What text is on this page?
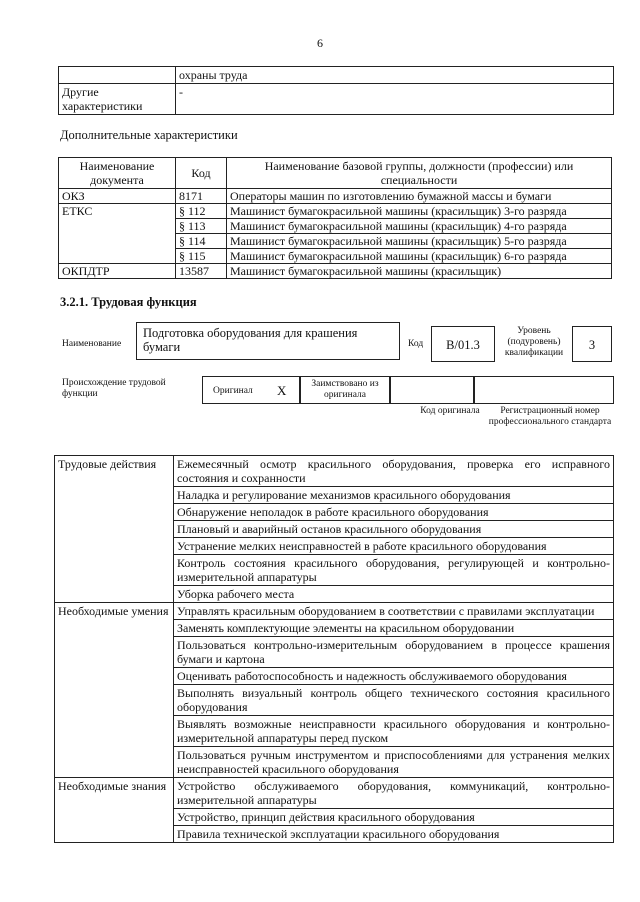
6
	охраны труда
Другие характеристики	-
Дополнительные характеристики
Наименование документа	Код	Наименование базовой группы, должности (профессии) или специальности
ОКЗ	8171	Операторы машин по изготовлению бумажной массы и бумаги
ЕТКС	§ 112	Машинист бумагокрасильной машины (красильщик) 3-го разряда
	§ 113	Машинист бумагокрасильной машины (красильщик) 4-го разряда
	§ 114	Машинист бумагокрасильной машины (красильщик) 5-го разряда
	§ 115	Машинист бумагокрасильной машины (красильщик) 6-го разряда
ОКПДТР	13587	Машинист бумагокрасильной машины (красильщик)
3.2.1. Трудовая функция
Наименование
Подготовка оборудования для крашения бумаги	Код	B/01.3
Уровень (подуровень) квалификации
3
Происхождение трудовой функции	Оригинал X	Заимствовано из оригинала
Код оригинала	Регистрационный номер профессионального стандарта
Трудовые действия	Ежемесячный осмотр красильного оборудования, проверка его исправного состояния и сохранности
	Наладка и регулирование механизмов красильного оборудования
	Обнаружение неполадок в работе красильного оборудования
	Плановый и аварийный останов красильного оборудования
	Устранение мелких неисправностей в работе красильного оборудования
	Контроль состояния красильного оборудования, регулирующей и контрольно-измерительной аппаратуры
	Уборка рабочего места
Необходимые умения	Управлять красильным оборудованием в соответствии с правилами эксплуатации
	Заменять комплектующие элементы на красильном оборудовании
	Пользоваться контрольно-измерительным оборудованием в процессе крашения бумаги и картона
	Оценивать работоспособность и надежность обслуживаемого оборудования
	Выполнять визуальный контроль общего технического состояния красильного оборудования
	Выявлять возможные неисправности красильного оборудования и контрольно-измерительной аппаратуры перед пуском
	Пользоваться ручным инструментом и приспособлениями для устранения мелких неисправностей красильного оборудования
Необходимые знания	Устройство обслуживаемого оборудования, коммуникаций, контрольно-измерительной аппаратуры
	Устройство, принцип действия красильного оборудования
	Правила технической эксплуатации красильного оборудования
